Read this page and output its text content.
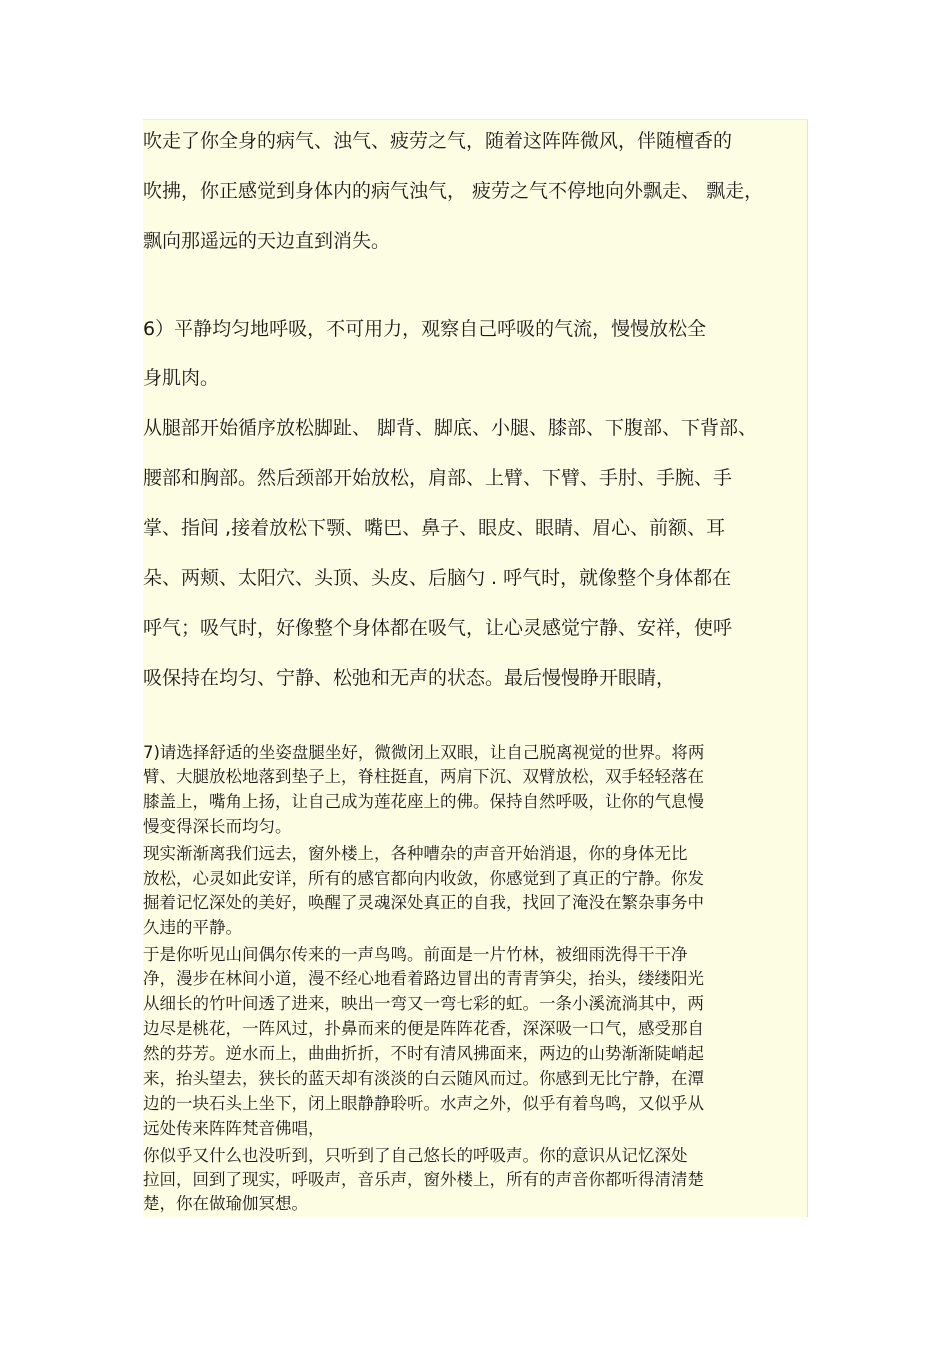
吹走了你全身的病气、浊气、疲劳之气，随着这阵阵微风，伴随檀香的
吹拂，你正感觉到身体内的病气浊气， 疲劳之气不停地向外飘走、 飘走，
飘向那遥远的天边直到消失。
6）平静均匀地呼吸，不可用力，观察自己呼吸的气流，慢慢放松全
身肌肉。
从腿部开始循序放松脚趾、 脚背、脚底、小腿、膝部、下腹部、下背部、
腰部和胸部。然后颈部开始放松，肩部、上臂、下臂、手肘、手腕、手
掌、指间 ,接着放松下颚、嘴巴、鼻子、眼皮、眼睛、眉心、前额、耳
朵、两颊、太阳穴、头顶、头皮、后脑勺 . 呼气时，就像整个身体都在
呼气；吸气时，好像整个身体都在吸气，让心灵感觉宁静、安祥，使呼
吸保持在均匀、宁静、松弛和无声的状态。最后慢慢睁开眼睛，
7)请选择舒适的坐姿盘腿坐好，微微闭上双眼，让自己脱离视觉的世界。将两
臂、大腿放松地落到垫子上，脊柱挺直，两肩下沉、双臂放松，双手轻轻落在
膝盖上，嘴角上扬，让自己成为莲花座上的佛。保持自然呼吸，让你的气息慢
慢变得深长而均匀。
现实渐渐离我们远去，窗外楼上，各种嘈杂的声音开始消退，你的身体无比
放松，心灵如此安详，所有的感官都向内收敛，你感觉到了真正的宁静。你发
掘着记忆深处的美好，唤醒了灵魂深处真正的自我，找回了淹没在繁杂事务中
久违的平静。
于是你听见山间偶尔传来的一声鸟鸣。前面是一片竹林，被细雨洗得干干净
净，漫步在林间小道，漫不经心地看着路边冒出的青青笋尖，抬头，缕缕阳光
从细长的竹叶间透了进来，映出一弯又一弯七彩的虹。一条小溪流淌其中，两
边尽是桃花，一阵风过，扑鼻而来的便是阵阵花香，深深吸一口气，感受那自
然的芬芳。逆水而上，曲曲折折，不时有清风拂面来，两边的山势渐渐陡峭起
来，抬头望去，狭长的蓝天却有淡淡的白云随风而过。你感到无比宁静，在潭
边的一块石头上坐下，闭上眼静静聆听。水声之外，似乎有着鸟鸣，又似乎从
远处传来阵阵梵音佛唱，
你似乎又什么也没听到，只听到了自己悠长的呼吸声。你的意识从记忆深处
拉回，回到了现实，呼吸声，音乐声，窗外楼上，所有的声音你都听得清清楚
楚，你在做瑜伽冥想。
